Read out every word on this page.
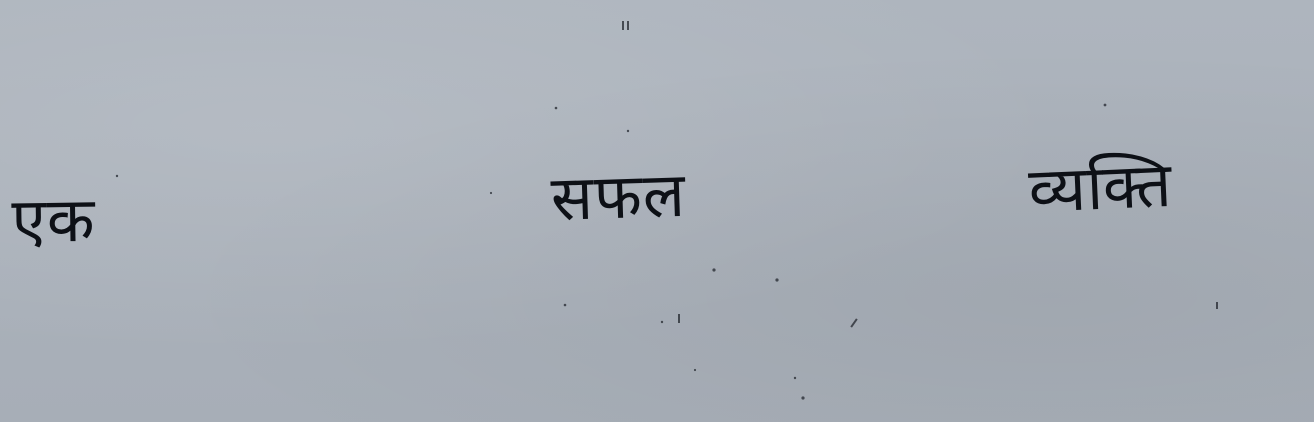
एक	सफल	व्यक्ति
